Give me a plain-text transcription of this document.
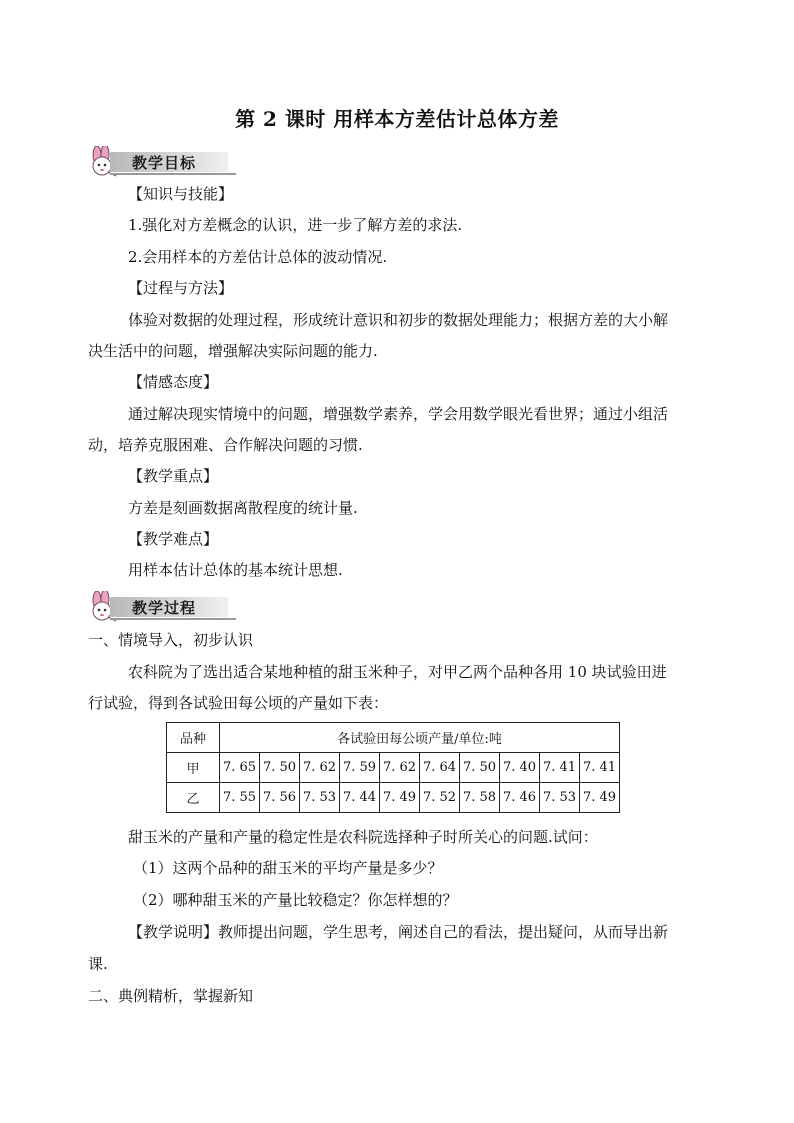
第 2 课时 用样本方差估计总体方差
教学目标
【知识与技能】
1.强化对方差概念的认识，进一步了解方差的求法.
2.会用样本的方差估计总体的波动情况.
【过程与方法】
体验对数据的处理过程，形成统计意识和初步的数据处理能力；根据方差的大小解
决生活中的问题，增强解决实际问题的能力.
【情感态度】
通过解决现实情境中的问题，增强数学素养，学会用数学眼光看世界；通过小组活
动，培养克服困难、合作解决问题的习惯.
【教学重点】
方差是刻画数据离散程度的统计量.
【教学难点】
用样本估计总体的基本统计思想.
教学过程
一、情境导入，初步认识
农科院为了选出适合某地种植的甜玉米种子，对甲乙两个品种各用 10 块试验田进
行试验，得到各试验田每公顷的产量如下表：
品种	各试验田每公顷产量/单位:吨									
甲	7. 65	7. 50	7. 62	7. 59	7. 62	7. 64	7. 50	7. 40	7. 41	7. 41
乙	7. 55	7. 56	7. 53	7. 44	7. 49	7. 52	7. 58	7. 46	7. 53	7. 49
甜玉米的产量和产量的稳定性是农科院选择种子时所关心的问题.试问：
（1）这两个品种的甜玉米的平均产量是多少？
（2）哪种甜玉米的产量比较稳定？你怎样想的？
【教学说明】教师提出问题，学生思考，阐述自己的看法，提出疑问，从而导出新
课.
二、典例精析，掌握新知
